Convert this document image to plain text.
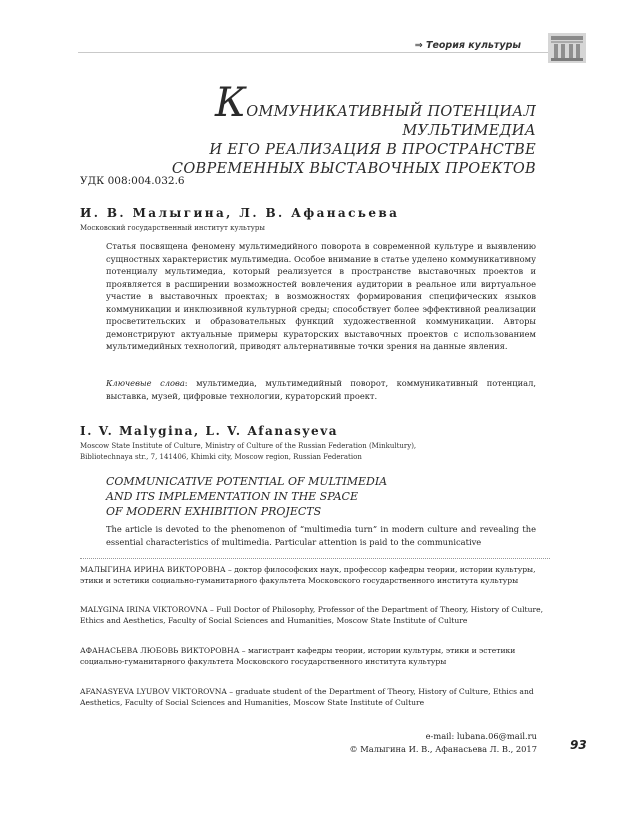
⇒ Теория культуры
КОММУНИКАТИВНЫЙ ПОТЕНЦИАЛ МУЛЬТИМЕДИА
И ЕГО РЕАЛИЗАЦИЯ В ПРОСТРАНСТВЕ
СОВРЕМЕННЫХ ВЫСТАВОЧНЫХ ПРОЕКТОВ
УДК 008:004.032.6
И. В. Малыгина, Л. В. Афанасьева
Московский государственный институт культуры
Статья посвящена феномену мультимедийного поворота в современной культуре и выявлению сущностных характеристик мультимедиа. Особое внимание в статье уделено коммуникативному потенциалу мультимедиа, который реализуется в пространстве выставочных проектов и проявляется в расширении возможностей вовлечения аудитории в реальное или виртуальное участие в выставочных проектах; в возможностях формирования специфических языков коммуникации и инклюзивной культурной среды; способствует более эффективной реализации просветительских и образовательных функций художественной коммуникации. Авторы демонстрируют актуальные примеры кураторских выставочных проектов с использованием мультимедийных технологий, приводят альтернативные точки зрения на данные явления.
Ключевые слова: мультимедиа, мультимедийный поворот, коммуникативный потенциал, выставка, музей, цифровые технологии, кураторский проект.
I. V. Malygina, L. V. Afanasyeva
Moscow State Institute of Culture, Ministry of Culture of the Russian Federation (Minkultury),
Bibliotechnaya str., 7, 141406, Khimki city, Moscow region, Russian Federation
COMMUNICATIVE POTENTIAL OF MULTIMEDIA
AND ITS IMPLEMENTATION IN THE SPACE
OF MODERN EXHIBITION PROJECTS
The article is devoted to the phenomenon of “multimedia turn” in modern culture and revealing the essential characteristics of multimedia. Particular attention is paid to the communicative
МАЛЫГИНА ИРИНА ВИКТОРОВНА – доктор философских наук, профессор кафедры теории, истории культуры, этики и эстетики социально-гуманитарного факультета Московского государственного института культуры
MALYGINA IRINA VIKTOROVNA – Full Doctor of Philosophy, Professor of the Department of Theory, History of Culture, Ethics and Aesthetics, Faculty of Social Sciences and Humanities, Moscow State Institute of Culture
АФАНАСЬЕВА ЛЮБОВЬ ВИКТОРОВНА – магистрант кафедры теории, истории культуры, этики и эстетики социально-гуманитарного факультета Московского государственного института культуры
AFANASYEVA LYUBOV VIKTOROVNA – graduate student of the Department of Theory, History of Culture, Ethics and Aesthetics, Faculty of Social Sciences and Humanities, Moscow State Institute of Culture
e-mail: lubana.06@mail.ru
© Малыгина И. В., Афанасьева Л. В., 2017	93
